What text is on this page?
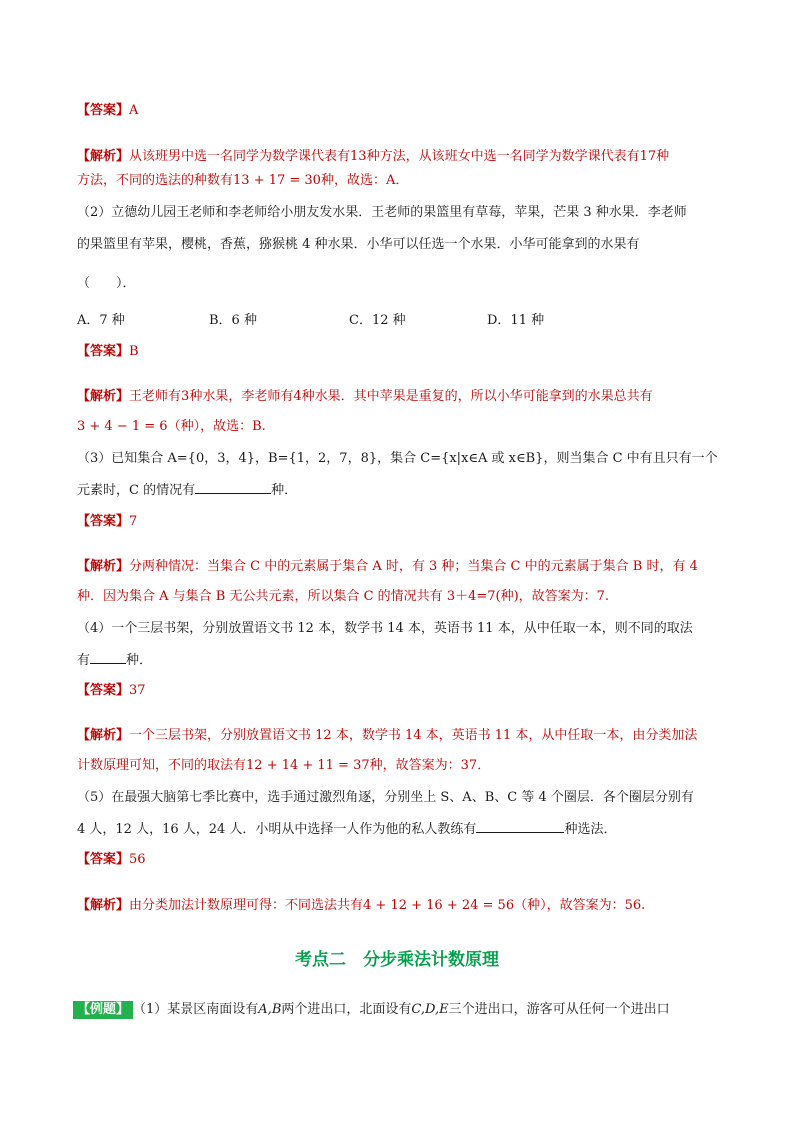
【答案】A
【解析】从该班男中选一名同学为数学课代表有13种方法，从该班女中选一名同学为数学课代表有17种
方法，不同的选法的种数有13 + 17 = 30种，故选：A．
（2）立德幼儿园王老师和李老师给小朋友发水果．王老师的果篮里有草莓，苹果，芒果 3 种水果．李老师
的果篮里有苹果，樱桃，香蕉，猕猴桃 4 种水果．小华可以任选一个水果．小华可能拿到的水果有
（　　）．
A．7 种	B．6 种	C．12 种	D．11 种
【答案】B
【解析】王老师有3种水果，李老师有4种水果．其中苹果是重复的，所以小华可能拿到的水果总共有
3 + 4 − 1 = 6（种），故选：B.
（3）已知集合 A={0，3，4}，B={1，2，7，8}，集合 C={x|x∈A 或 x∈B}，则当集合 C 中有且只有一个
元素时，C 的情况有	种．
【答案】7
【解析】分两种情况：当集合 C 中的元素属于集合 A 时，有 3 种；当集合 C 中的元素属于集合 B 时，有 4
种．因为集合 A 与集合 B 无公共元素，所以集合 C 的情况共有 3＋4=7(种)，故答案为：7.
（4）一个三层书架，分别放置语文书 12 本，数学书 14 本，英语书 11 本，从中任取一本，则不同的取法
有	种．
【答案】37
【解析】一个三层书架，分别放置语文书 12 本，数学书 14 本，英语书 11 本，从中任取一本，由分类加法
计数原理可知，不同的取法有12 + 14 + 11 = 37种，故答案为：37．
（5）在最强大脑第七季比赛中，选手通过激烈角逐，分别坐上 S、A、B、C 等 4 个圈层．各个圈层分别有
4 人，12 人，16 人，24 人．小明从中选择一人作为他的私人教练有	种选法．
【答案】56
【解析】由分类加法计数原理可得：不同选法共有4 + 12 + 16 + 24 = 56（种），故答案为：56.
考点二　分步乘法计数原理
【例题】 （1）某景区南面设有A,B两个进出口，北面设有C,D,E三个进出口，游客可从任何一个进出口
